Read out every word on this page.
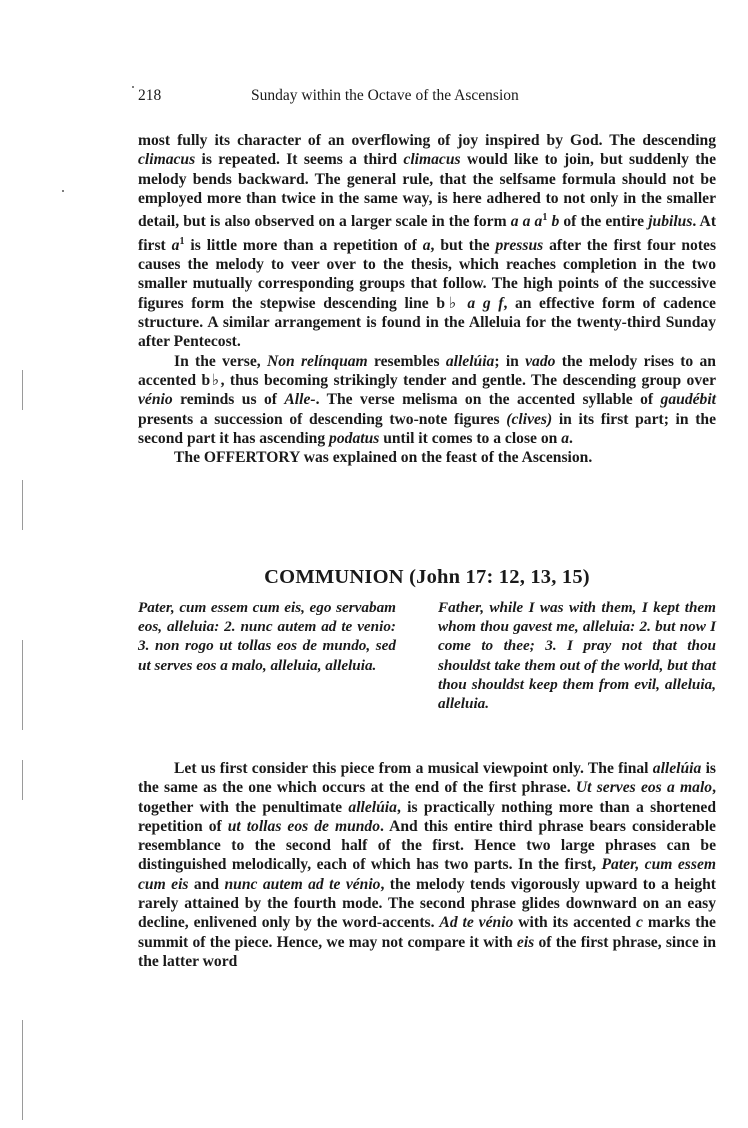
218	Sunday within the Octave of the Ascension

most fully its character of an overflowing of joy inspired by God. The descending climacus is repeated. It seems a third climacus would like to join, but suddenly the melody bends backward. The general rule, that the selfsame formula should not be employed more than twice in the same way, is here adhered to not only in the smaller detail, but is also observed on a larger scale in the form a a $a^1$ b of the entire jubilus. At first $a^1$ is little more than a repetition of a, but the pressus after the first four notes causes the melody to veer over to the thesis, which reaches completion in the two smaller mutually corresponding groups that follow. The high points of the successive figures form the stepwise descending line b♭ a g f, an effective form of cadence structure. A similar arrangement is found in the Alleluia for the twenty-third Sunday after Pentecost.

In the verse, Non relínquam resembles allelúia; in vado the melody rises to an accented b♭, thus becoming strikingly tender and gentle. The descending group over vénio reminds us of Alle-. The verse melisma on the accented syllable of gaudébit presents a succession of descending two-note figures (clives) in its first part; in the second part it has ascending podatus until it comes to a close on a.

The OFFERTORY was explained on the feast of the Ascension.

COMMUNION (John 17: 12, 13, 15)
Pater, cum essem cum eis, ego servabam eos, alleluia: 2. nunc autem ad te venio: 3. non rogo ut tollas eos de mundo, sed ut serves eos a malo, alleluia, alleluia.
Father, while I was with them, I kept them whom thou gavest me, alleluia: 2. but now I come to thee; 3. I pray not that thou shouldst take them out of the world, but that thou shouldst keep them from evil, alleluia, alleluia.

Let us first consider this piece from a musical viewpoint only. The final allelúia is the same as the one which occurs at the end of the first phrase. Ut serves eos a malo, together with the penultimate allelúia, is practically nothing more than a shortened repetition of ut tollas eos de mundo. And this entire third phrase bears considerable resemblance to the second half of the first. Hence two large phrases can be distinguished melodically, each of which has two parts. In the first, Pater, cum essem cum eis and nunc autem ad te vénio, the melody tends vigorously upward to a height rarely attained by the fourth mode. The second phrase glides downward on an easy decline, enlivened only by the word-accents. Ad te vénio with its accented c marks the summit of the piece. Hence, we may not compare it with eis of the first phrase, since in the latter word
